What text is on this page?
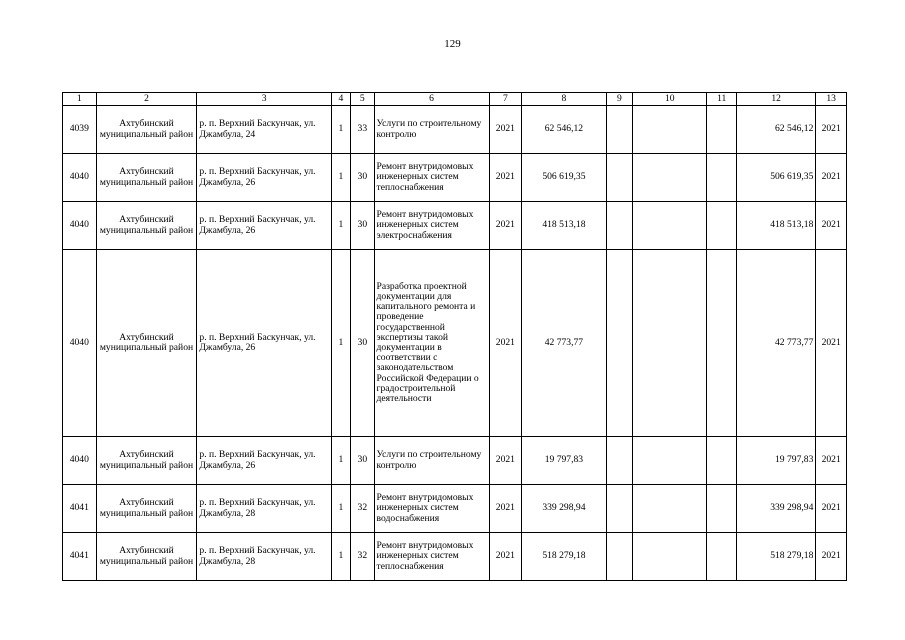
129
1	2	3	4	5	6	7	8	9	10	11	12	13
4039	Ахтубинский муниципальный район	р. п. Верхний Баскунчак, ул. Джамбула, 24	1	33	Услуги по строительному контролю	2021	62 546,12				62 546,12	2021
4040	Ахтубинский муниципальный район	р. п. Верхний Баскунчак, ул. Джамбула, 26	1	30	Ремонт внутридомовых инженерных систем теплоснабжения	2021	506 619,35				506 619,35	2021
4040	Ахтубинский муниципальный район	р. п. Верхний Баскунчак, ул. Джамбула, 26	1	30	Ремонт внутридомовых инженерных систем электроснабжения	2021	418 513,18				418 513,18	2021
4040	Ахтубинский муниципальный район	р. п. Верхний Баскунчак, ул. Джамбула, 26	1	30	Разработка проектной документации для капитального ремонта и проведение государственной экспертизы такой документации в соответствии с законодательством Российской Федерации о градостроительной деятельности	2021	42 773,77				42 773,77	2021
4040	Ахтубинский муниципальный район	р. п. Верхний Баскунчак, ул. Джамбула, 26	1	30	Услуги по строительному контролю	2021	19 797,83				19 797,83	2021
4041	Ахтубинский муниципальный район	р. п. Верхний Баскунчак, ул. Джамбула, 28	1	32	Ремонт внутридомовых инженерных систем водоснабжения	2021	339 298,94				339 298,94	2021
4041	Ахтубинский муниципальный район	р. п. Верхний Баскунчак, ул. Джамбула, 28	1	32	Ремонт внутридомовых инженерных систем теплоснабжения	2021	518 279,18				518 279,18	2021
